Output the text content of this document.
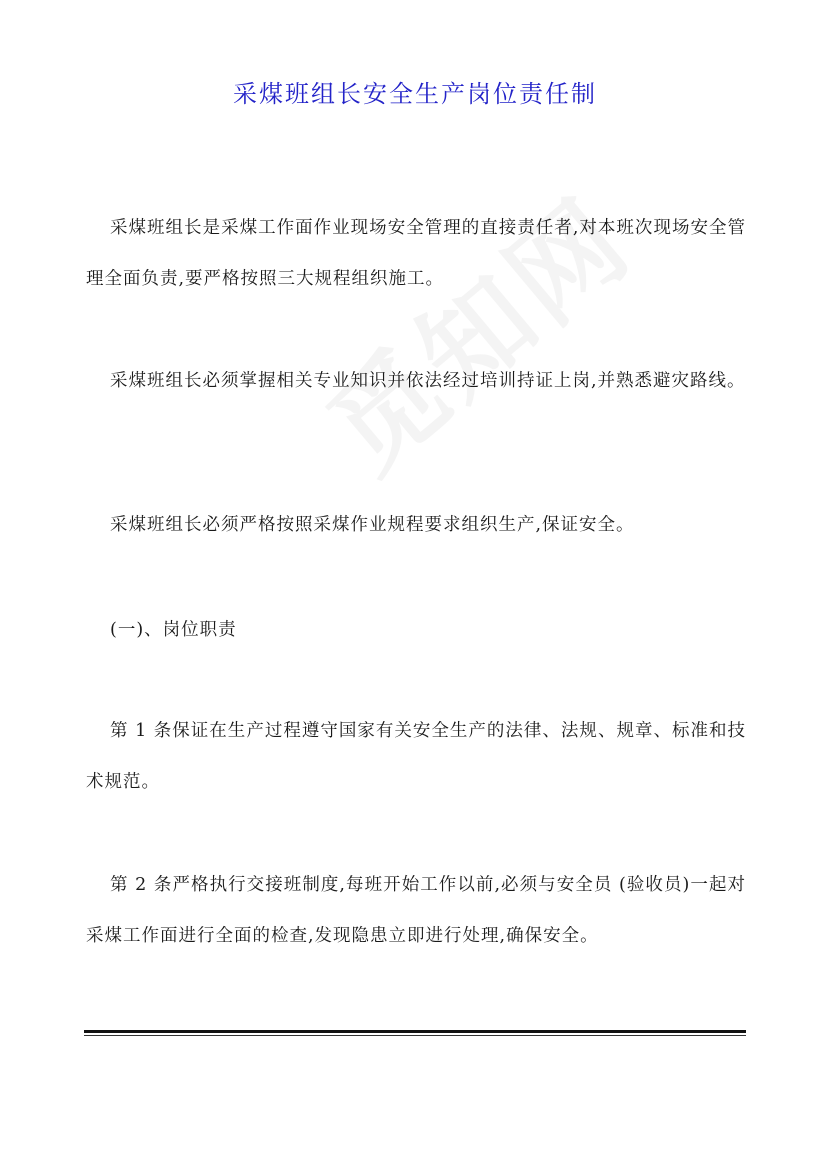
采煤班组长安全生产岗位责任制

采煤班组长是采煤工作面作业现场安全管理的直接责任者,对本班次现场安全管理全面负责,要严格按照三大规程组织施工。

采煤班组长必须掌握相关专业知识并依法经过培训持证上岗,并熟悉避灾路线。

采煤班组长必须严格按照采煤作业规程要求组织生产,保证安全。

(一)、岗位职责

第 1 条保证在生产过程遵守国家有关安全生产的法律、法规、规章、标准和技术规范。

第 2 条严格执行交接班制度,每班开始工作以前,必须与安全员 (验收员)一起对采煤工作面进行全面的检查,发现隐患立即进行处理,确保安全。
